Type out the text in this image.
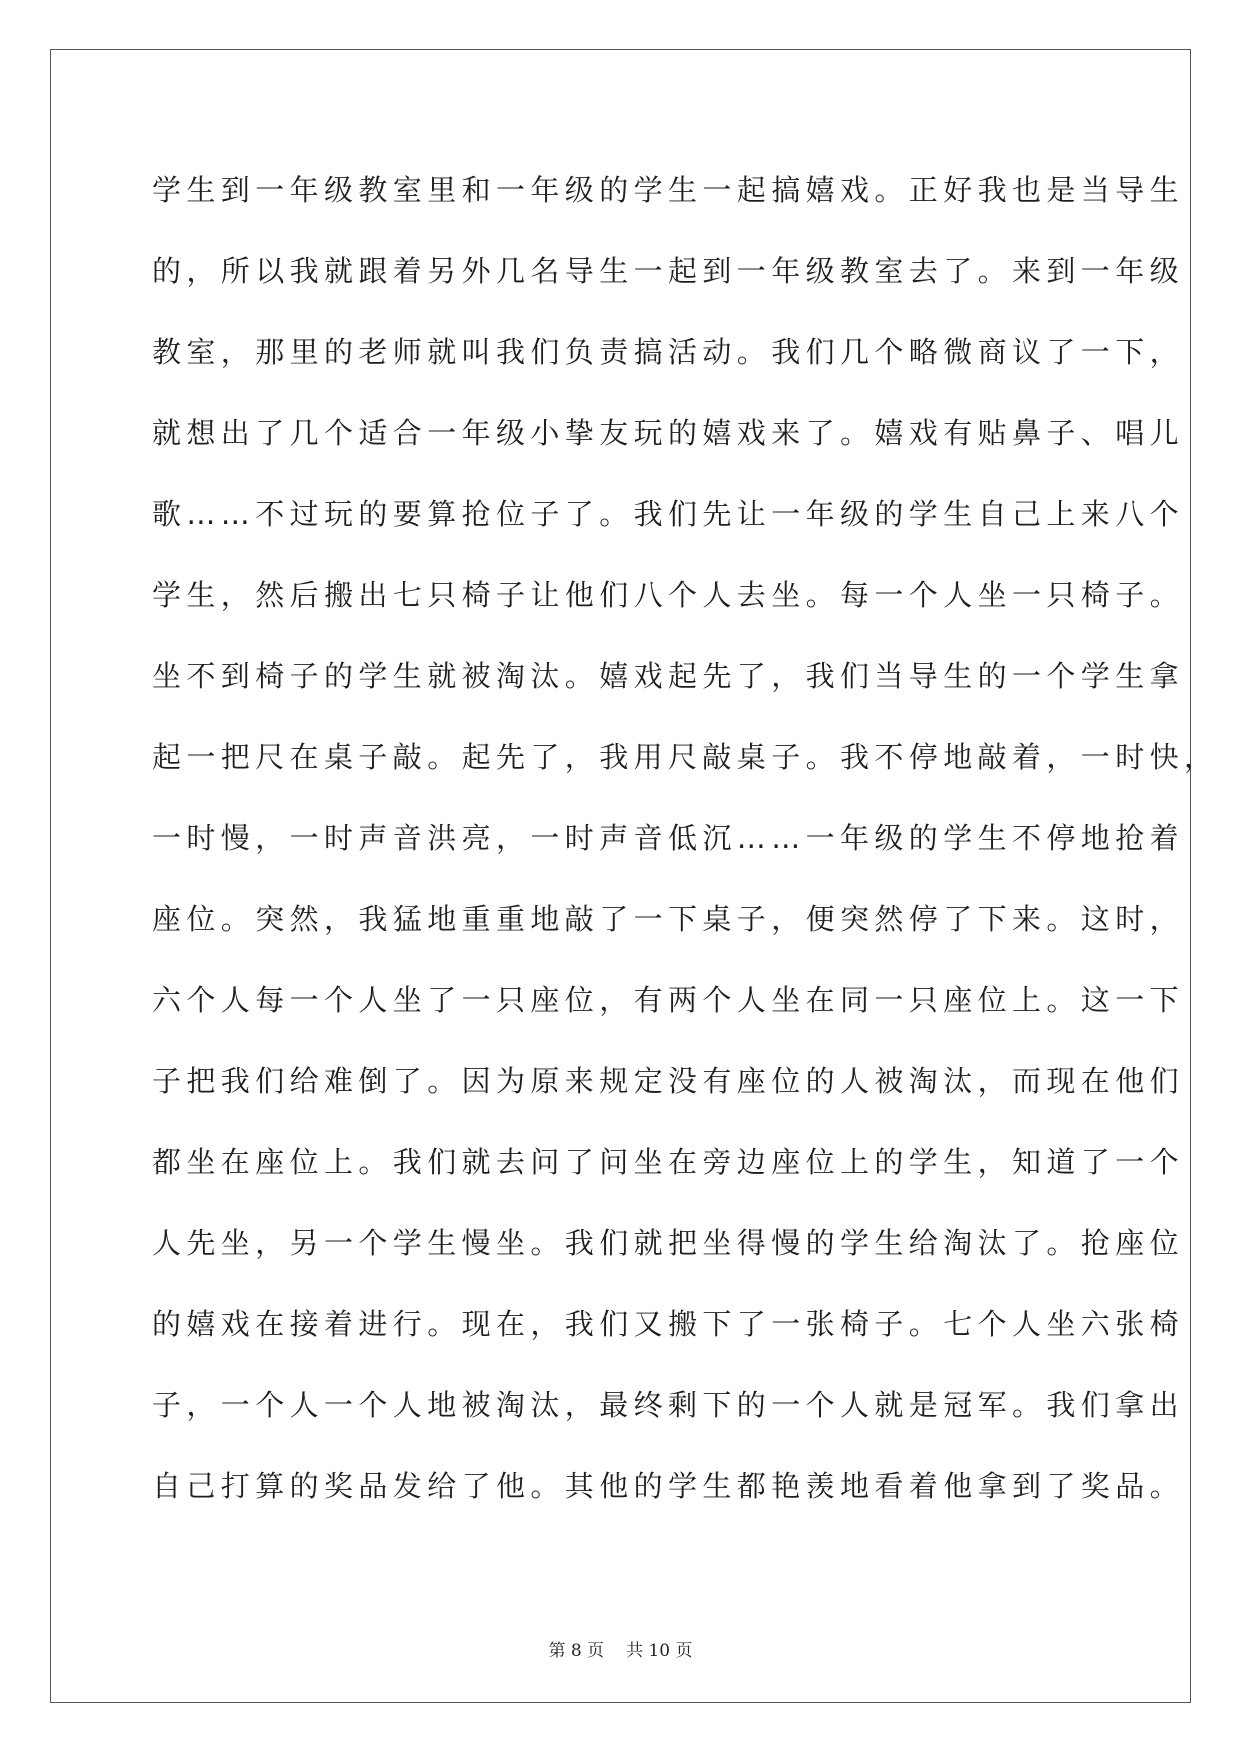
学生到一年级教室里和一年级的学生一起搞嬉戏。正好我也是当导生
的，所以我就跟着另外几名导生一起到一年级教室去了。来到一年级
教室，那里的老师就叫我们负责搞活动。我们几个略微商议了一下，
就想出了几个适合一年级小挚友玩的嬉戏来了。嬉戏有贴鼻子、唱儿
歌……不过玩的要算抢位子了。我们先让一年级的学生自己上来八个
学生，然后搬出七只椅子让他们八个人去坐。每一个人坐一只椅子。
坐不到椅子的学生就被淘汰。嬉戏起先了，我们当导生的一个学生拿
起一把尺在桌子敲。起先了，我用尺敲桌子。我不停地敲着，一时快，
一时慢，一时声音洪亮，一时声音低沉……一年级的学生不停地抢着
座位。突然，我猛地重重地敲了一下桌子，便突然停了下来。这时，
六个人每一个人坐了一只座位，有两个人坐在同一只座位上。这一下
子把我们给难倒了。因为原来规定没有座位的人被淘汰，而现在他们
都坐在座位上。我们就去问了问坐在旁边座位上的学生，知道了一个
人先坐，另一个学生慢坐。我们就把坐得慢的学生给淘汰了。抢座位
的嬉戏在接着进行。现在，我们又搬下了一张椅子。七个人坐六张椅
子，一个人一个人地被淘汰，最终剩下的一个人就是冠军。我们拿出
自己打算的奖品发给了他。其他的学生都艳羡地看着他拿到了奖品。
第 8 页 共 10 页
